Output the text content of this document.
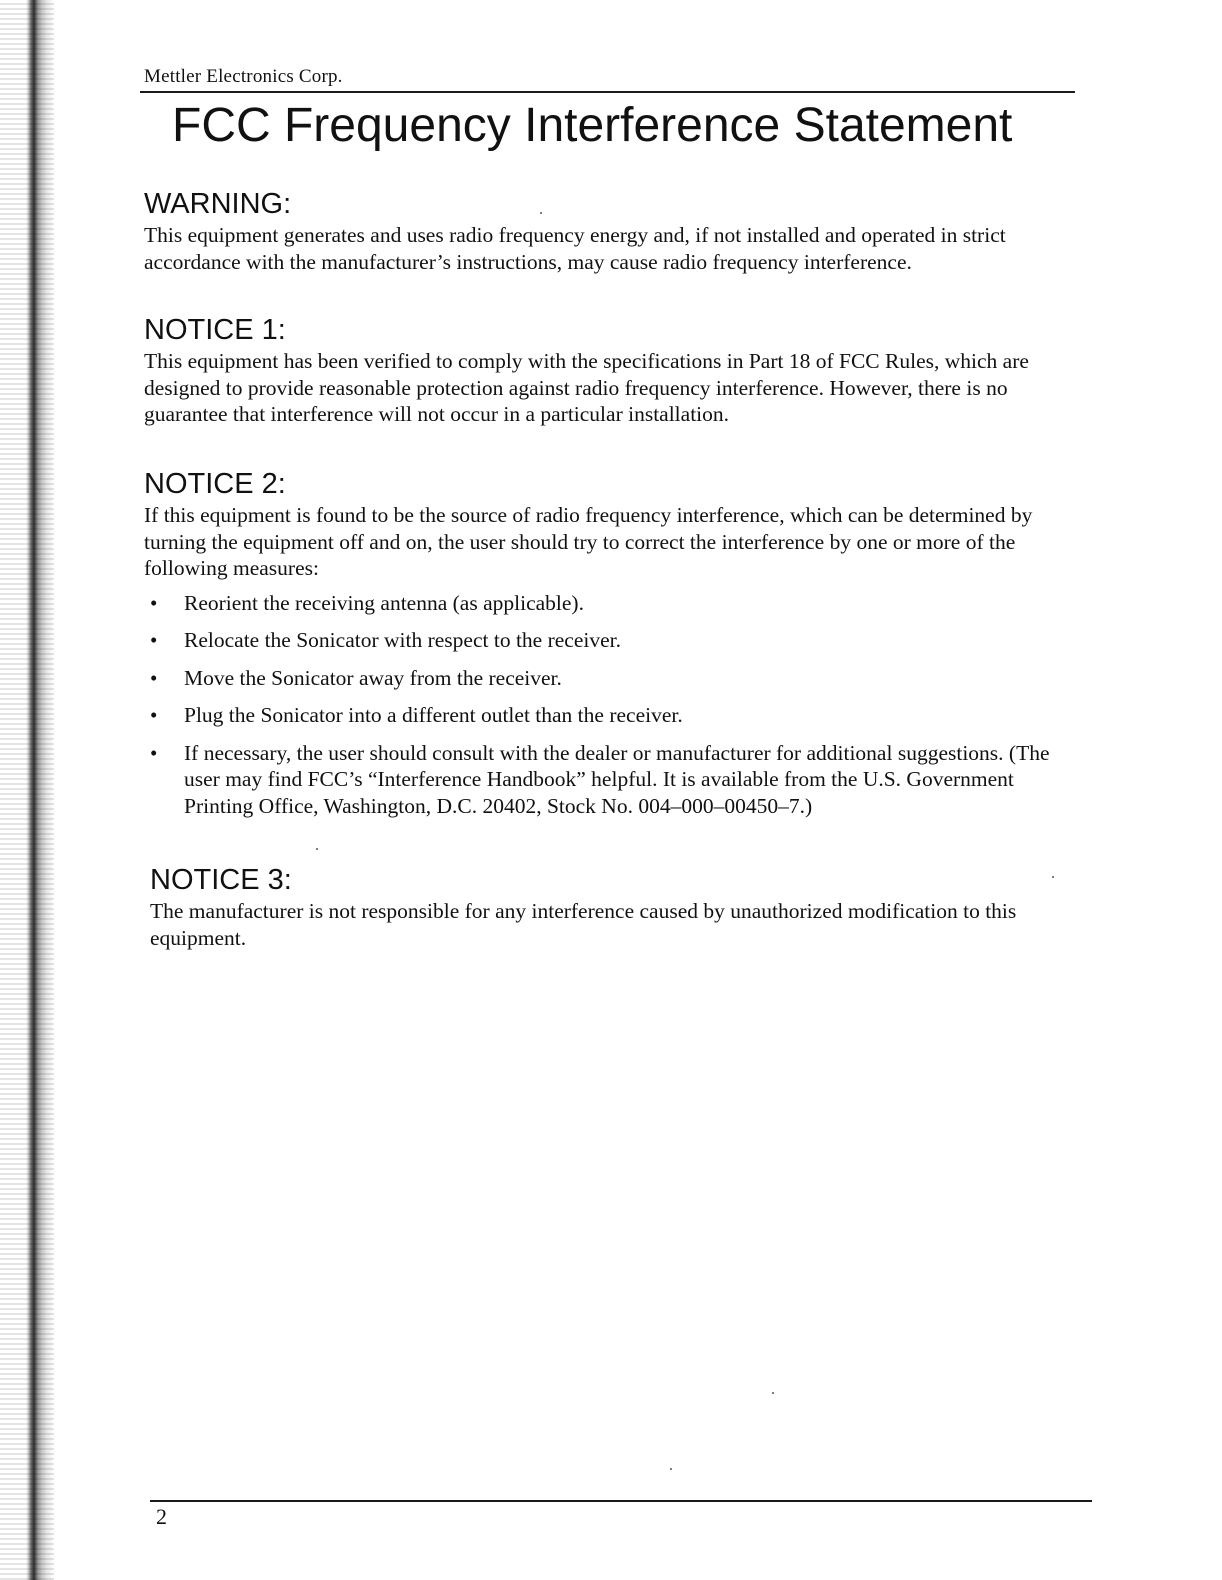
Mettler Electronics Corp.
FCC Frequency Interference Statement
WARNING:

This equipment generates and uses radio frequency energy and, if not installed and operated in strict accordance with the manufacturer’s instructions, may cause radio frequency interference.

NOTICE 1:

This equipment has been verified to comply with the specifications in Part 18 of FCC Rules, which are designed to provide reasonable protection against radio frequency interference. However, there is no guarantee that interference will not occur in a particular installation.

NOTICE 2:

If this equipment is found to be the source of radio frequency interference, which can be determined by turning the equipment off and on, the user should try to correct the interference by one or more of the following measures:

• Reorient the receiving antenna (as applicable).
• Relocate the Sonicator with respect to the receiver.
• Move the Sonicator away from the receiver.
• Plug the Sonicator into a different outlet than the receiver.
• If necessary, the user should consult with the dealer or manufacturer for additional suggestions. (The user may find FCC’s “Interference Handbook” helpful. It is available from the U.S. Government Printing Office, Washington, D.C. 20402, Stock No. 004–000–00450–7.)
NOTICE 3:

The manufacturer is not responsible for any interference caused by unauthorized modification to this equipment.

2
